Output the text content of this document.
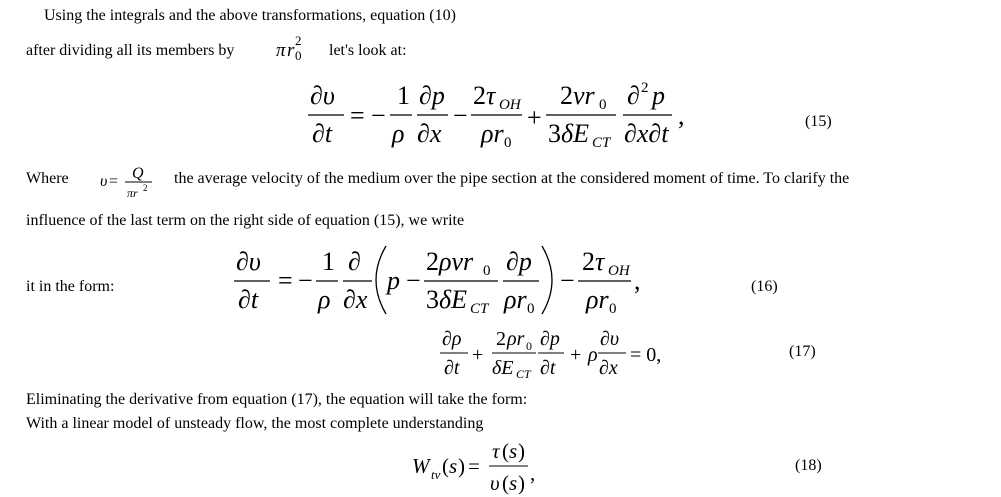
Using the integrals and the above transformations, equation (10)
after dividing all its members by π r 2
0 let's look at:
∂υ
∂t
= −
1
ρ
∂p
∂x
−
2 τ OH
ρr 0
+
2 νr 0
3 δE CT
∂ 2 p
∂x∂t
,	(15)
Where υ = Q
πr 2
the average velocity of the medium over the pipe section at the considered moment of time. To clarify the
influence of the last term on the right side of equation (15), we write
it in the form:
∂υ
∂t
= −
1
ρ
∂
∂x
p −
2 ρνr 0
3 δE CT
∂p
ρr 0
−
2 τ OH
ρr 0
,	(16)
∂ρ
∂t
+
2 ρr 0
δE CT
∂p
∂t
+ ρ
∂υ
∂x
= 0,	(17)
Eliminating the derivative from equation (17), the equation will take the form:
With a linear model of unsteady flow, the most complete understanding
W tv ( s ) =
τ ( s )
υ ( s ) ,	(18)
